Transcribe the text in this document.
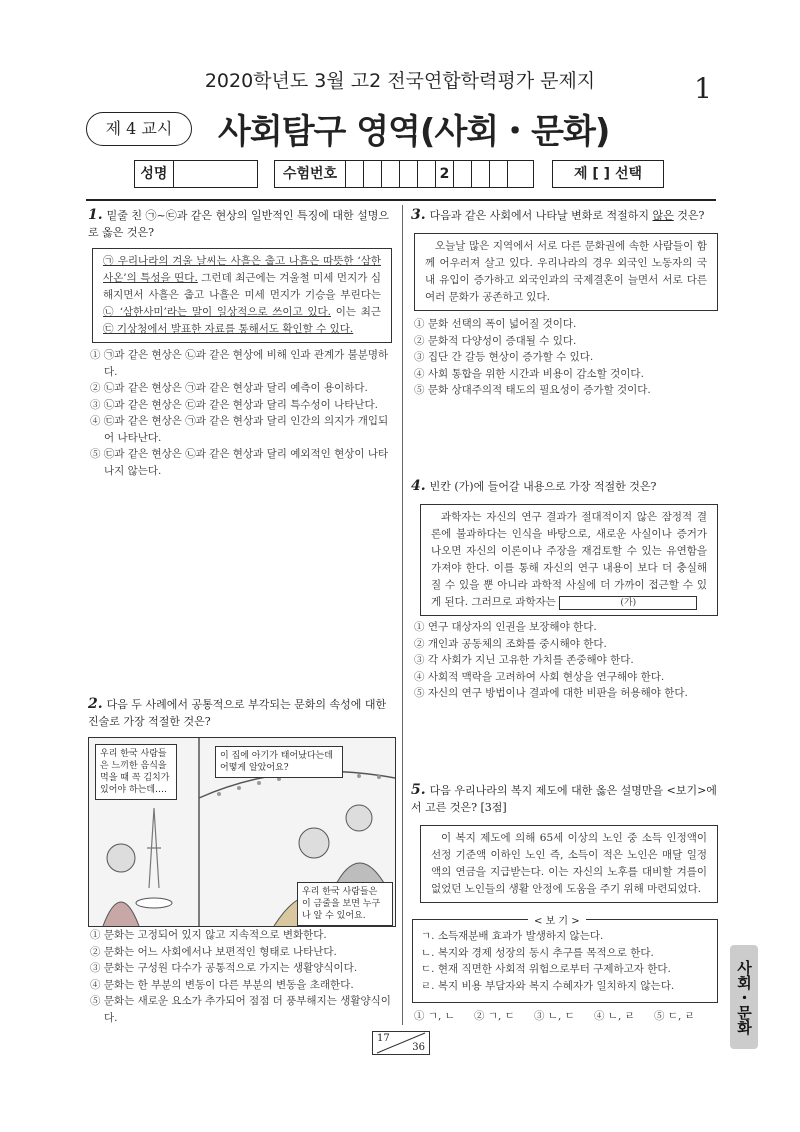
2020학년도 3월 고2 전국연합학력평가 문제지	1
제 4 교시	사회탐구 영역(사회・문화)
성명	수험번호	2	제 [ ] 선택
1. 밑줄 친 ㉠~㉢과 같은 현상의 일반적인 특징에 대한 설명으로 옳은 것은?
㉠ 우리나라의 겨울 날씨는 사흘은 춥고 나흘은 따뜻한 ‘삼한사온’의 특성을 띤다. 그런데 최근에는 겨울철 미세 먼지가 심해지면서 사흘은 춥고 나흘은 미세 먼지가 기승을 부린다는 ㉡ ‘삼한사미’라는 말이 일상적으로 쓰이고 있다. 이는 최근 ㉢ 기상청에서 발표한 자료를 통해서도 확인할 수 있다.
① ㉠과 같은 현상은 ㉡과 같은 현상에 비해 인과 관계가 불분명하다.
② ㉡과 같은 현상은 ㉠과 같은 현상과 달리 예측이 용이하다.
③ ㉡과 같은 현상은 ㉢과 같은 현상과 달리 특수성이 나타난다.
④ ㉢과 같은 현상은 ㉠과 같은 현상과 달리 인간의 의지가 개입되어 나타난다.
⑤ ㉢과 같은 현상은 ㉡과 같은 현상과 달리 예외적인 현상이 나타나지 않는다.
2. 다음 두 사례에서 공통적으로 부각되는 문화의 속성에 대한 진술로 가장 적절한 것은?
우리 한국 사람들은 느끼한 음식을 먹을 때 꼭 김치가 있어야 하는데….
이 집에 아기가 태어났다는데 어떻게 알았어요?
우리 한국 사람들은 이 금줄을 보면 누구나 알 수 있어요.
① 문화는 고정되어 있지 않고 지속적으로 변화한다.
② 문화는 어느 사회에서나 보편적인 형태로 나타난다.
③ 문화는 구성원 다수가 공통적으로 가지는 생활양식이다.
④ 문화는 한 부분의 변동이 다른 부분의 변동을 초래한다.
⑤ 문화는 새로운 요소가 추가되어 점점 더 풍부해지는 생활양식이다.
3. 다음과 같은 사회에서 나타날 변화로 적절하지 않은 것은?
오늘날 많은 지역에서 서로 다른 문화권에 속한 사람들이 함께 어우러져 살고 있다. 우리나라의 경우 외국인 노동자의 국내 유입이 증가하고 외국인과의 국제결혼이 늘면서 서로 다른 여러 문화가 공존하고 있다.
① 문화 선택의 폭이 넓어질 것이다.
② 문화적 다양성이 증대될 수 있다.
③ 집단 간 갈등 현상이 증가할 수 있다.
④ 사회 통합을 위한 시간과 비용이 감소할 것이다.
⑤ 문화 상대주의적 태도의 필요성이 증가할 것이다.
4. 빈칸 (가)에 들어갈 내용으로 가장 적절한 것은?
과학자는 자신의 연구 결과가 절대적이지 않은 잠정적 결론에 불과하다는 인식을 바탕으로, 새로운 사실이나 증거가 나오면 자신의 이론이나 주장을 재검토할 수 있는 유연함을 가져야 한다. 이를 통해 자신의 연구 내용이 보다 더 충실해질 수 있을 뿐 아니라 과학적 사실에 더 가까이 접근할 수 있게 된다. 그러므로 과학자는	(가)
① 연구 대상자의 인권을 보장해야 한다.
② 개인과 공동체의 조화를 중시해야 한다.
③ 각 사회가 지닌 고유한 가치를 존중해야 한다.
④ 사회적 맥락을 고려하여 사회 현상을 연구해야 한다.
⑤ 자신의 연구 방법이나 결과에 대한 비판을 허용해야 한다.
5. 다음 우리나라의 복지 제도에 대한 옳은 설명만을 <보기>에서 고른 것은? [3점]
이 복지 제도에 의해 65세 이상의 노인 중 소득 인정액이 선정 기준액 이하인 노인 즉, 소득이 적은 노인은 매달 일정액의 연금을 지급받는다. 이는 자신의 노후를 대비할 겨를이 없었던 노인들의 생활 안정에 도움을 주기 위해 마련되었다.
< 보 기 >
ㄱ. 소득재분배 효과가 발생하지 않는다.
ㄴ. 복지와 경제 성장의 동시 추구를 목적으로 한다.
ㄷ. 현재 직면한 사회적 위험으로부터 구제하고자 한다.
ㄹ. 복지 비용 부담자와 복지 수혜자가 일치하지 않는다.
① ㄱ, ㄴ	② ㄱ, ㄷ	③ ㄴ, ㄷ	④ ㄴ, ㄹ	⑤ ㄷ, ㄹ	사회・문화
17
36
